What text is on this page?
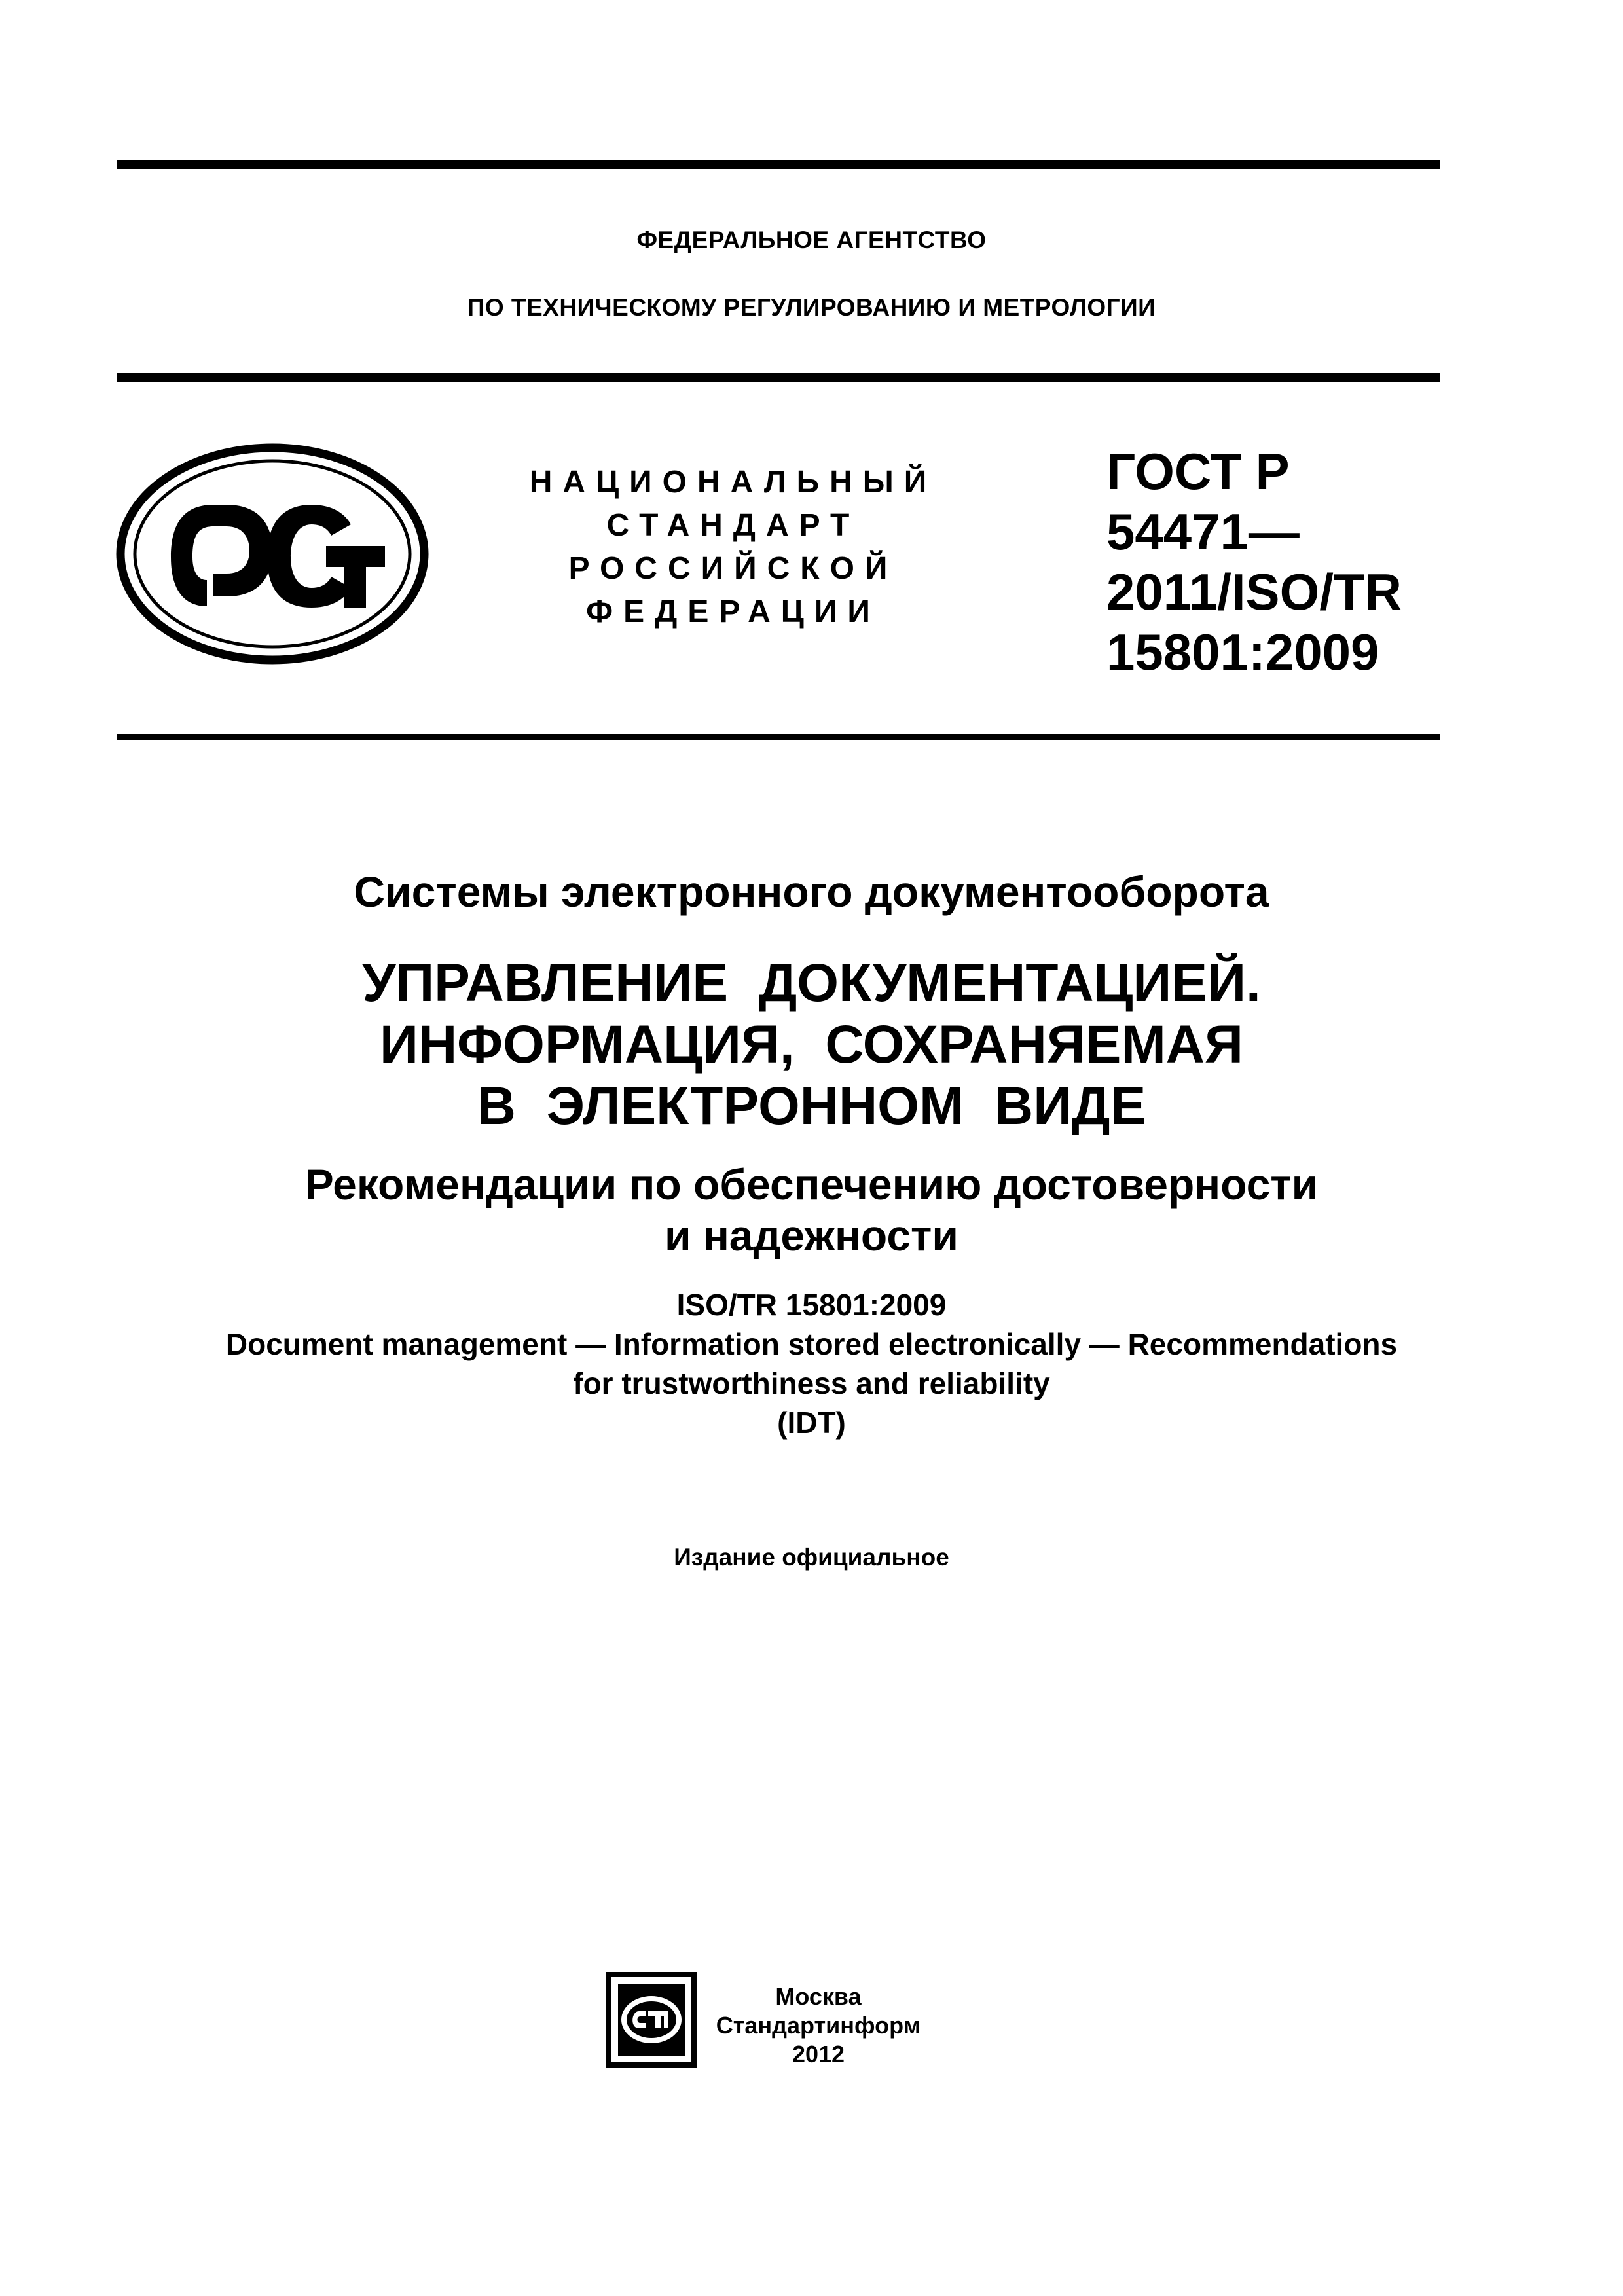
ФЕДЕРАЛЬНОЕ АГЕНТСТВО
ПО ТЕХНИЧЕСКОМУ РЕГУЛИРОВАНИЮ И МЕТРОЛОГИИ
НАЦИОНАЛЬНЫЙ
СТАНДАРТ
РОССИЙСКОЙ
ФЕДЕРАЦИИ
ГОСТ Р
54471—
2011/ISO/TR
15801:2009
Системы электронного документооборота
УПРАВЛЕНИЕ ДОКУМЕНТАЦИЕЙ.
ИНФОРМАЦИЯ, СОХРАНЯЕМАЯ
В ЭЛЕКТРОННОМ ВИДЕ
Рекомендации по обеспечению достоверности
и надежности
ISO/TR 15801:2009
Document management — Information stored electronically — Recommendations
for trustworthiness and reliability
(IDT)
Издание официальное
Москва
Стандартинформ
2012
